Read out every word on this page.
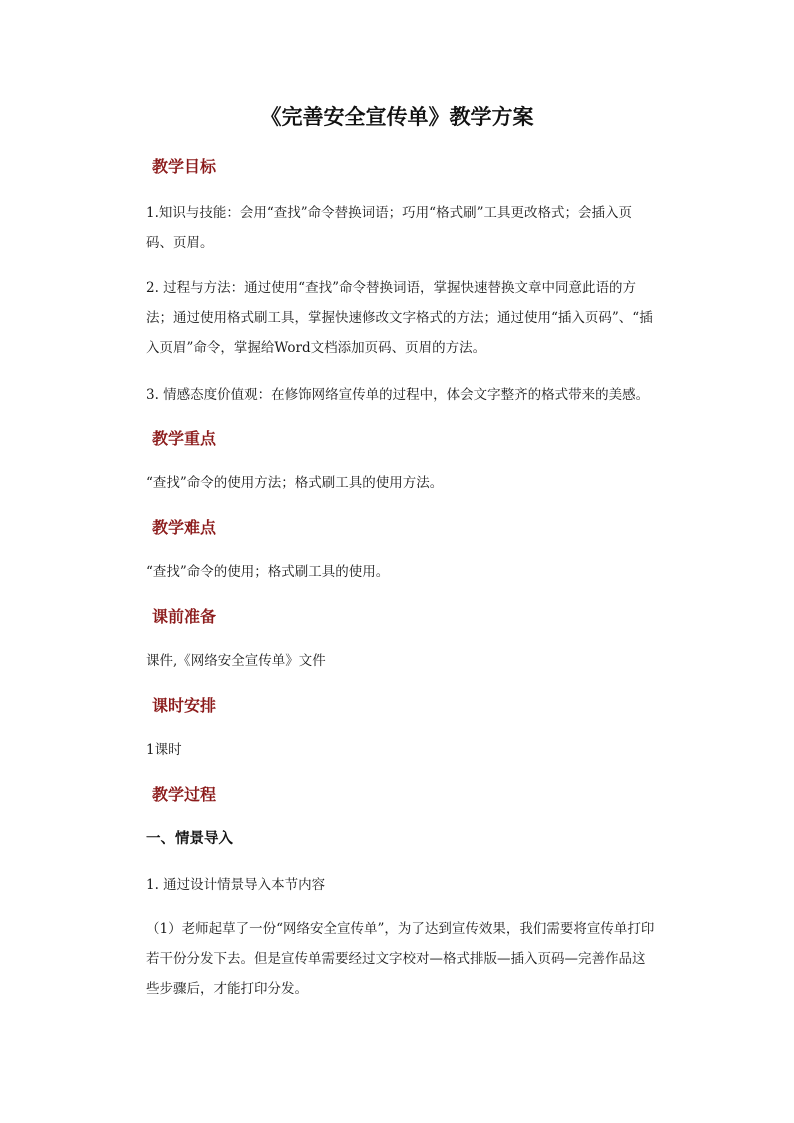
《完善安全宣传单》教学方案
教学目标
1.知识与技能：会用“查找”命令替换词语；巧用“格式刷”工具更改格式；会插入页码、页眉。
2. 过程与方法：通过使用“查找”命令替换词语，掌握快速替换文章中同意此语的方法；通过使用格式刷工具，掌握快速修改文字格式的方法；通过使用“插入页码”、“插入页眉”命令，掌握给Word文档添加页码、页眉的方法。
3. 情感态度价值观：在修饰网络宣传单的过程中，体会文字整齐的格式带来的美感。
教学重点
“查找”命令的使用方法；格式刷工具的使用方法。
教学难点
“查找”命令的使用；格式刷工具的使用。
课前准备
课件,《网络安全宣传单》文件
课时安排
1课时
教学过程
一、情景导入
1. 通过设计情景导入本节内容
（1）老师起草了一份“网络安全宣传单”，为了达到宣传效果，我们需要将宣传单打印若干份分发下去。但是宣传单需要经过文字校对—格式排版—插入页码—完善作品这些步骤后，才能打印分发。
